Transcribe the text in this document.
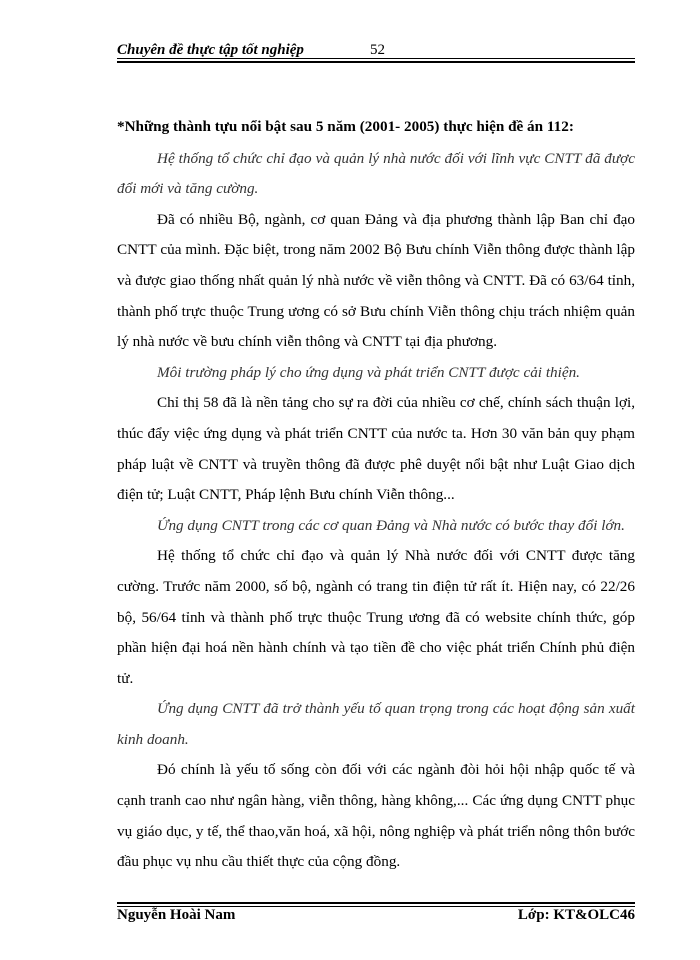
Chuyên đề thực tập tốt nghiệp	52

*Những thành tựu nổi bật sau 5 năm (2001- 2005) thực hiện đề án 112:

Hệ thống tổ chức chỉ đạo và quản lý nhà nước đối với lĩnh vực CNTT đã được đổi mới và tăng cường.

Đã có nhiều Bộ, ngành, cơ quan Đảng và địa phương thành lập Ban chỉ đạo CNTT của mình. Đặc biệt, trong năm 2002 Bộ Bưu chính Viễn thông được thành lập và được giao thống nhất quản lý nhà nước về viễn thông và CNTT. Đã có 63/64 tỉnh, thành phố trực thuộc Trung ương có sở Bưu chính Viễn thông chịu trách nhiệm quản lý nhà nước về bưu chính viễn thông và CNTT tại địa phương.

Môi trường pháp lý cho ứng dụng và phát triển CNTT được cải thiện.

Chỉ thị 58 đã là nền tảng cho sự ra đời của nhiều cơ chế, chính sách thuận lợi, thúc đẩy việc ứng dụng và phát triển CNTT của nước ta. Hơn 30 văn bản quy phạm pháp luật về CNTT và truyền thông đã được phê duyệt nổi bật như Luật Giao dịch điện tử; Luật CNTT, Pháp lệnh Bưu chính Viễn thông...

Ứng dụng CNTT trong các cơ quan Đảng và Nhà nước có bước thay đổi lớn.

Hệ thống tổ chức chỉ đạo và quản lý Nhà nước đối với CNTT được tăng cường. Trước năm 2000, số bộ, ngành có trang tin điện tử rất ít. Hiện nay, có 22/26 bộ, 56/64 tỉnh và thành phố trực thuộc Trung ương đã có website chính thức, góp phần hiện đại hoá nền hành chính và tạo tiền đề cho việc phát triển Chính phủ điện tử.

Ứng dụng CNTT đã trở thành yếu tố quan trọng trong các hoạt động sản xuất kinh doanh.

Đó chính là yếu tố sống còn đối với các ngành đòi hỏi hội nhập quốc tế và cạnh tranh cao như ngân hàng, viễn thông, hàng không,... Các ứng dụng CNTT phục vụ giáo dục, y tế, thể thao,văn hoá, xã hội, nông nghiệp và phát triển nông thôn bước đầu phục vụ nhu cầu thiết thực của cộng đồng.

Nguyễn Hoài Nam	Lớp: KT&OLC46
